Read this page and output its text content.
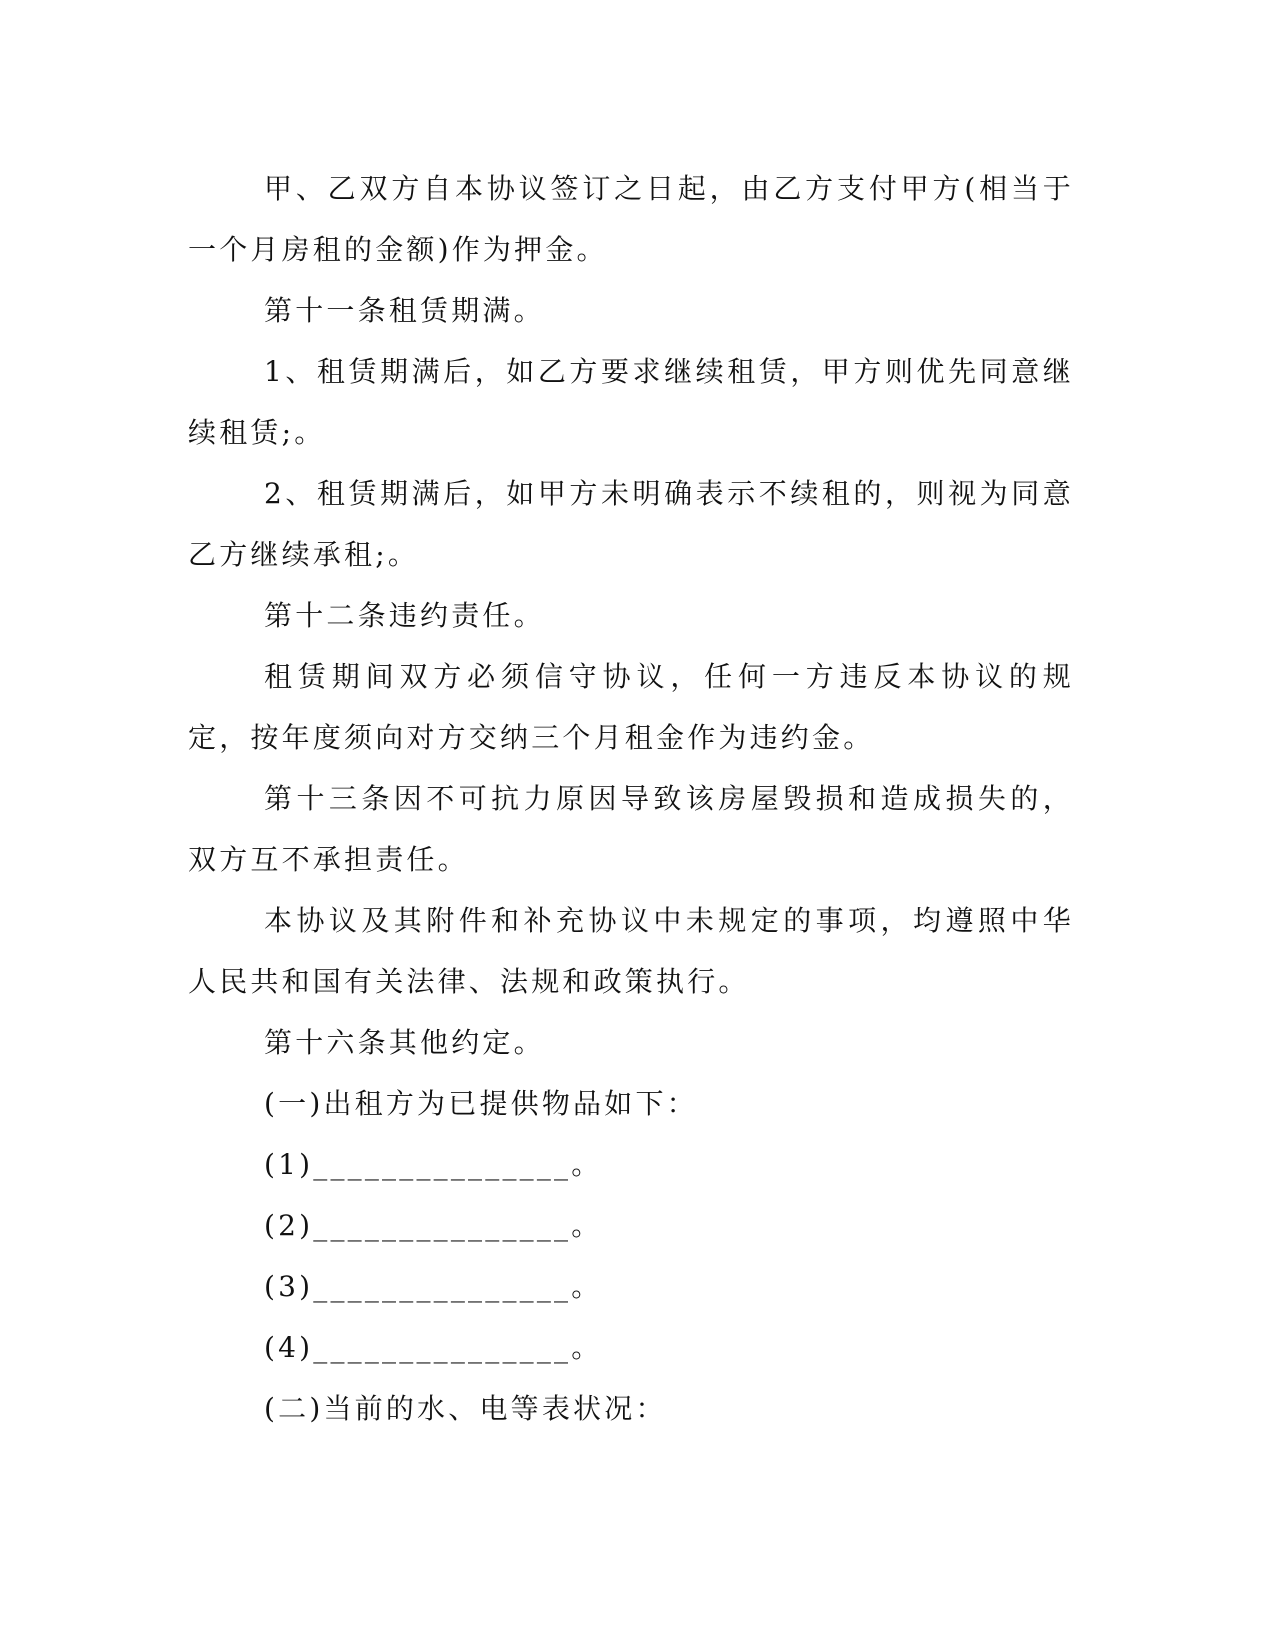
甲、乙双方自本协议签订之日起，由乙方支付甲方(相当于一个月房租的金额)作为押金。

第十一条租赁期满。

1、租赁期满后，如乙方要求继续租赁，甲方则优先同意继续租赁;。

2、租赁期满后，如甲方未明确表示不续租的，则视为同意乙方继续承租;。

第十二条违约责任。

租赁期间双方必须信守协议，任何一方违反本协议的规定，按年度须向对方交纳三个月租金作为违约金。

第十三条因不可抗力原因导致该房屋毁损和造成损失的，双方互不承担责任。

本协议及其附件和补充协议中未规定的事项，均遵照中华人民共和国有关法律、法规和政策执行。

第十六条其他约定。

(一)出租方为已提供物品如下：

(1)_______________。

(2)_______________。

(3)_______________。

(4)_______________。

(二)当前的水、电等表状况：
